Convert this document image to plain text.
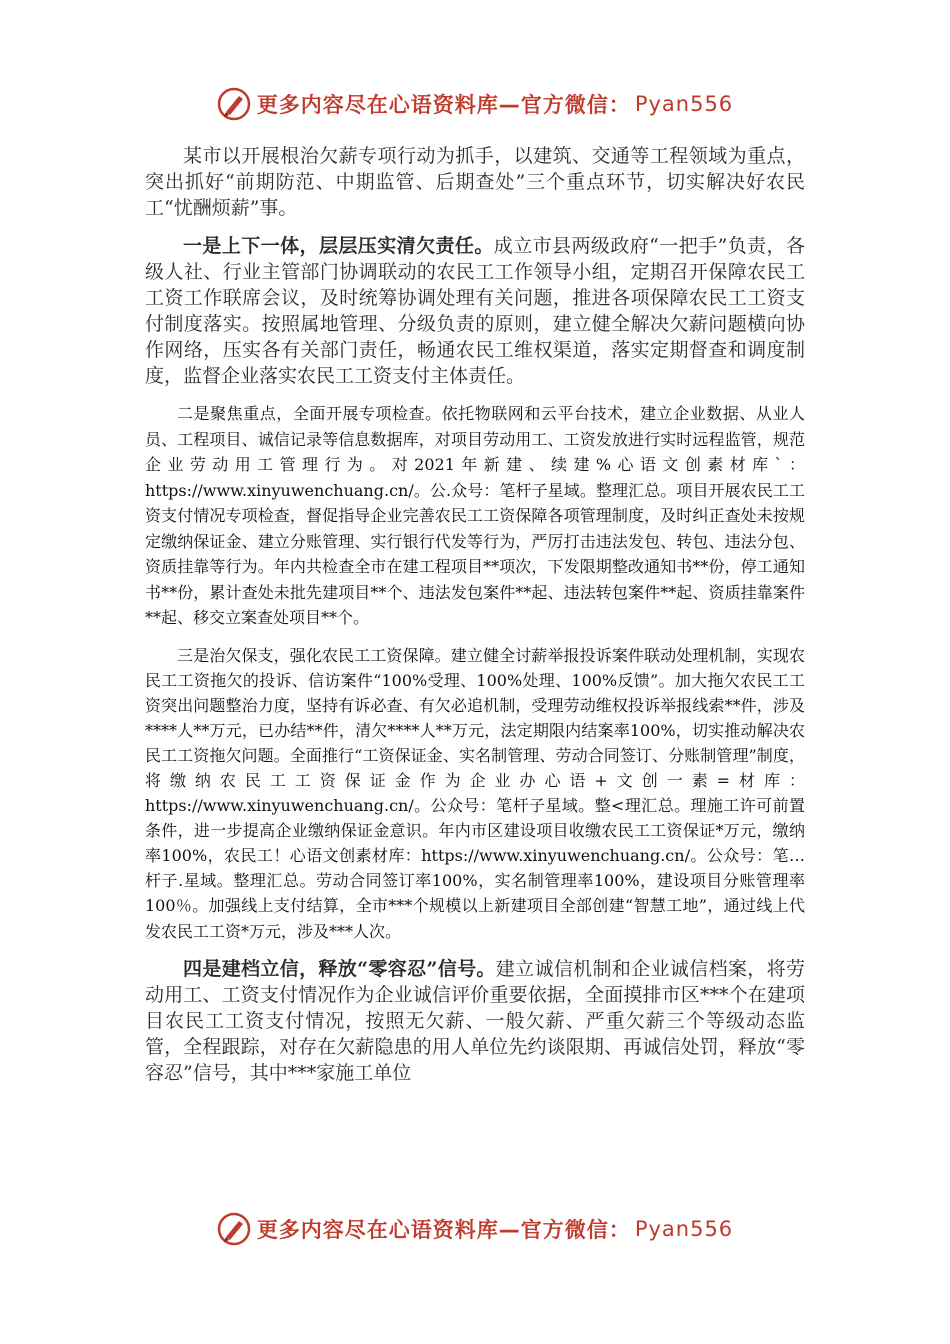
更多内容尽在心语资料库—官方微信： Pyan556

某市以开展根治欠薪专项行动为抓手，以建筑、交通等工程领域为重点，突出抓好“前期防范、中期监管、后期查处”三个重点环节，切实解决好农民工“忧酬烦薪”事。

一是上下一体，层层压实清欠责任。成立市县两级政府“一把手”负责，各级人社、行业主管部门协调联动的农民工工作领导小组，定期召开保障农民工工资工作联席会议，及时统筹协调处理有关问题，推进各项保障农民工工资支付制度落实。按照属地管理、分级负责的原则，建立健全解决欠薪问题横向协作网络，压实各有关部门责任，畅通农民工维权渠道，落实定期督查和调度制度，监督企业落实农民工工资支付主体责任。

二是聚焦重点，全面开展专项检查。依托物联网和云平台技术，建立企业数据、从业人员、工程项目、诚信记录等信息数据库，对项目劳动用工、工资发放进行实时远程监管，规范企业劳动用工管理行为。对2021年新建、续建%心语文创素材库`：https://www.xinyuwenchuang.cn/。公.众号：笔杆子星域。整理汇总。项目开展农民工工资支付情况专项检查，督促指导企业完善农民工工资保障各项管理制度，及时纠正查处未按规定缴纳保证金、建立分账管理、实行银行代发等行为，严厉打击违法发包、转包、违法分包、资质挂靠等行为。年内共检查全市在建工程项目**项次，下发限期整改通知书**份，停工通知书**份，累计查处未批先建项目**个、违法发包案件**起、违法转包案件**起、资质挂靠案件**起、移交立案查处项目**个。

三是治欠保支，强化农民工工资保障。建立健全讨薪举报投诉案件联动处理机制，实现农民工工资拖欠的投诉、信访案件“100%受理、100%处理、100%反馈”。加大拖欠农民工工资突出问题整治力度，坚持有诉必查、有欠必追机制，受理劳动维权投诉举报线索**件，涉及****人**万元，已办结**件，清欠****人**万元，法定期限内结案率100%，切实推动解决农民工工资拖欠问题。全面推行“工资保证金、实名制管理、劳动合同签订、分账制管理”制度，将缴纳农民工工资保证金作为企业办心语+文创一素=材库：https://www.xinyuwenchuang.cn/。公众号：笔杆子星域。整<理汇总。理施工许可前置条件，进一步提高企业缴纳保证金意识。年内市区建设项目收缴农民工工资保证*万元，缴纳率100%，农民工！心语文创素材库：https://www.xinyuwenchuang.cn/。公众号：笔…杆子.星域。整理汇总。劳动合同签订率100%，实名制管理率100%，建设项目分账管理率100％。加强线上支付结算，全市***个规模以上新建项目全部创建“智慧工地”，通过线上代发农民工工资*万元，涉及***人次。

四是建档立信，释放“零容忍”信号。建立诚信机制和企业诚信档案，将劳动用工、工资支付情况作为企业诚信评价重要依据，全面摸排市区***个在建项目农民工工资支付情况，按照无欠薪、一般欠薪、严重欠薪三个等级动态监管，全程跟踪，对存在欠薪隐患的用人单位先约谈限期、再诚信处罚，释放“零容忍”信号，其中***家施工单位

更多内容尽在心语资料库—官方微信： Pyan556
